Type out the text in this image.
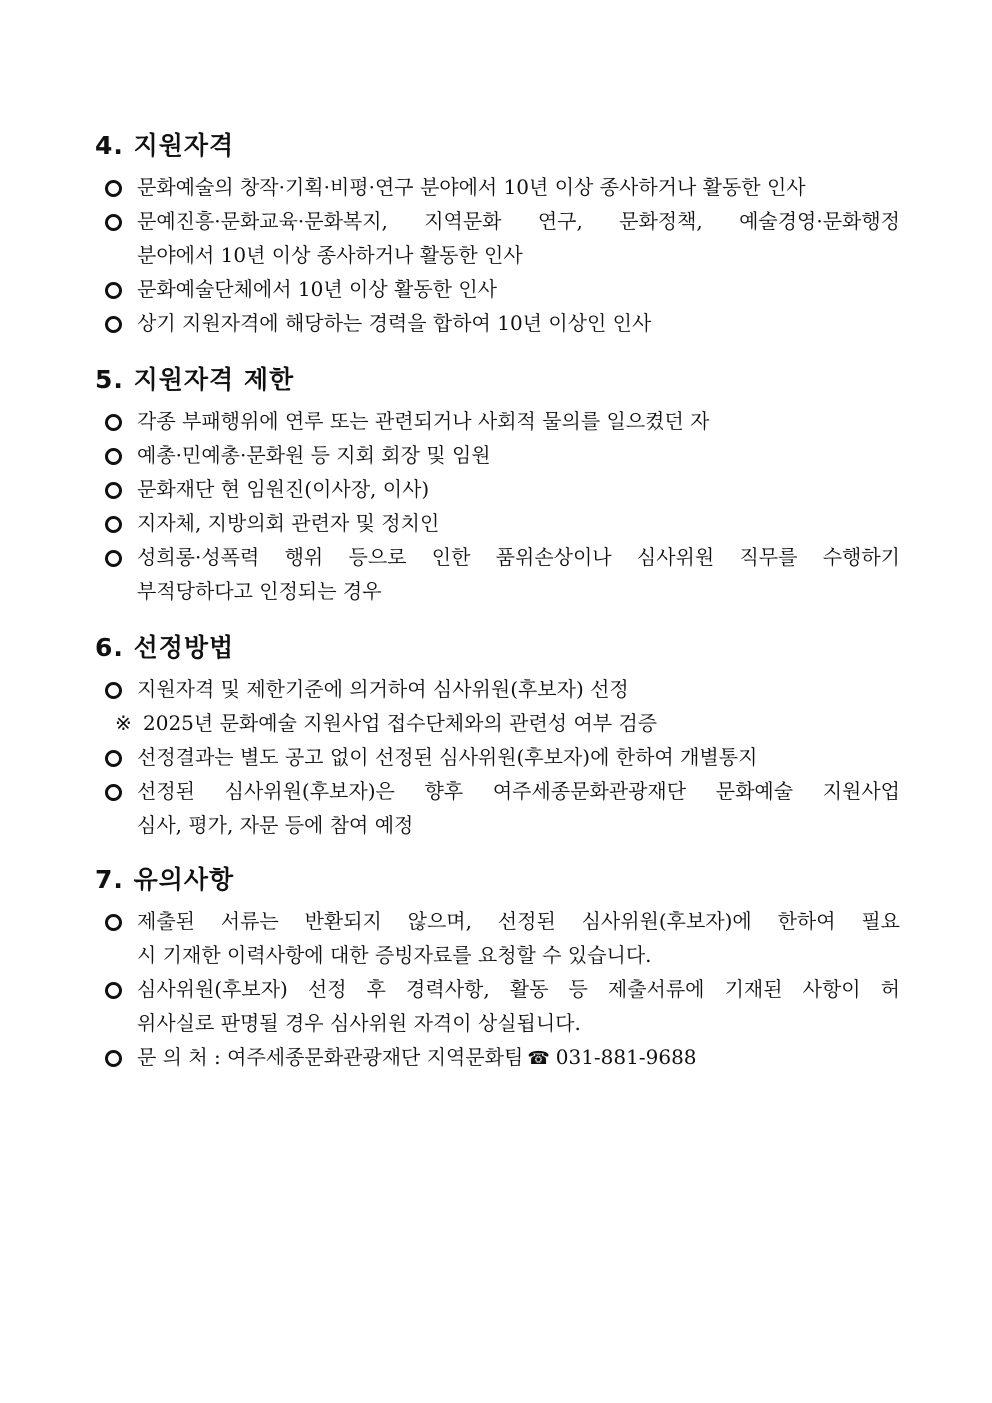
4. 지원자격
문화예술의 창작·기획·비평·연구 분야에서 10년 이상 종사하거나 활동한 인사
문예진흥·문화교육·문화복지, 지역문화 연구, 문화정책, 예술경영·문화행정
분야에서 10년 이상 종사하거나 활동한 인사
문화예술단체에서 10년 이상 활동한 인사
상기 지원자격에 해당하는 경력을 합하여 10년 이상인 인사
5. 지원자격 제한
각종 부패행위에 연루 또는 관련되거나 사회적 물의를 일으켰던 자
예총·민예총·문화원 등 지회 회장 및 임원
문화재단 현 임원진(이사장, 이사)
지자체, 지방의회 관련자 및 정치인
성희롱·성폭력 행위 등으로 인한 품위손상이나 심사위원 직무를 수행하기
부적당하다고 인정되는 경우
6. 선정방법
지원자격 및 제한기준에 의거하여 심사위원(후보자) 선정
※ 2025년 문화예술 지원사업 접수단체와의 관련성 여부 검증
선정결과는 별도 공고 없이 선정된 심사위원(후보자)에 한하여 개별통지
선정된 심사위원(후보자)은 향후 여주세종문화관광재단 문화예술 지원사업
심사, 평가, 자문 등에 참여 예정
7. 유의사항
제출된 서류는 반환되지 않으며, 선정된 심사위원(후보자)에 한하여 필요
시 기재한 이력사항에 대한 증빙자료를 요청할 수 있습니다.
심사위원(후보자) 선정 후 경력사항, 활동 등 제출서류에 기재된 사항이 허
위사실로 판명될 경우 심사위원 자격이 상실됩니다.
문 의 처 : 여주세종문화관광재단 지역문화팀 ☎ 031-881-9688
